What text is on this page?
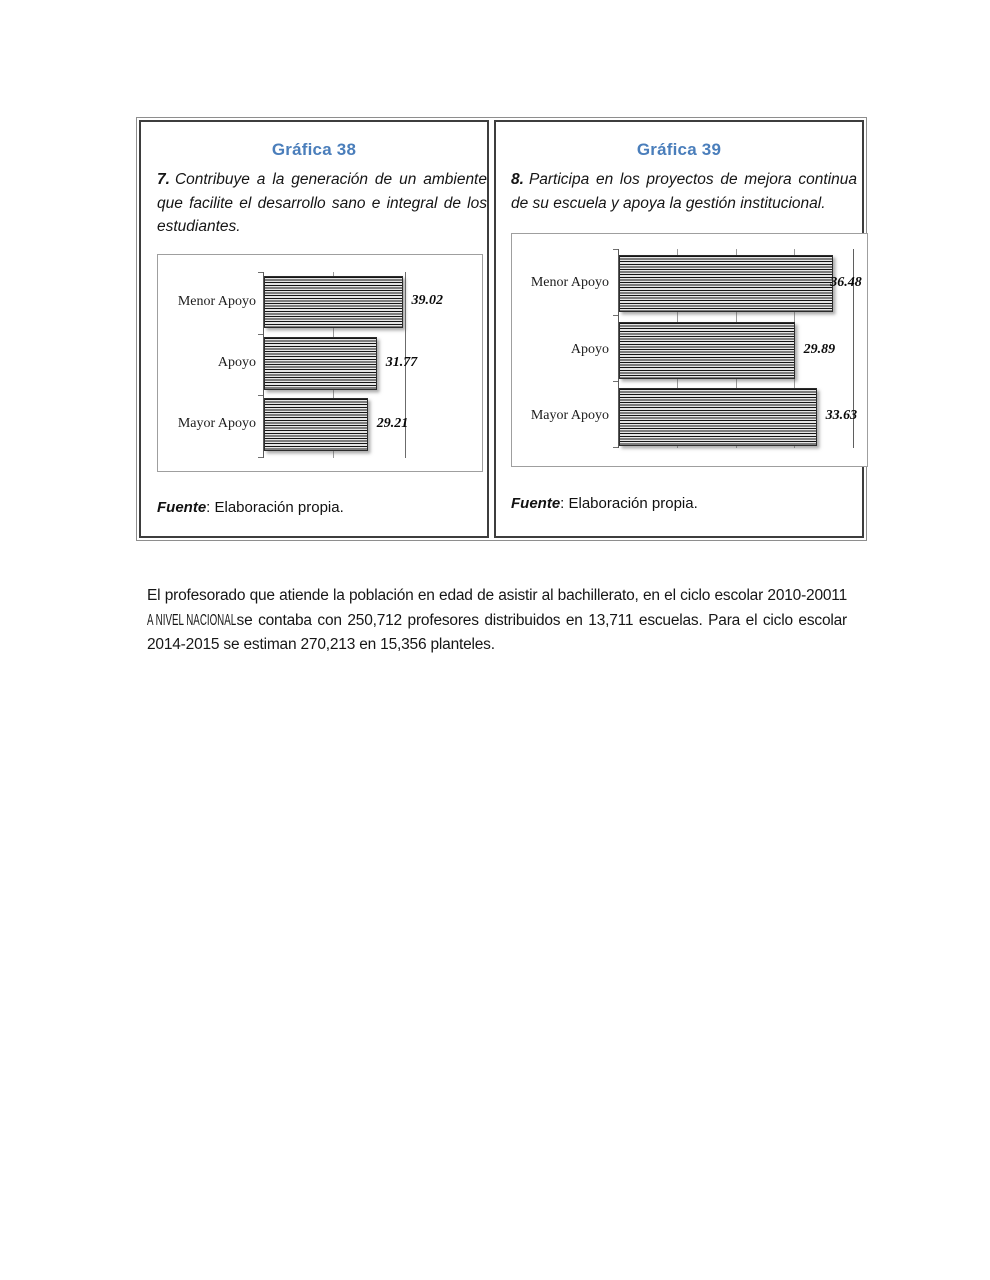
Gráfica 38
7. Contribuye a la generación de un ambiente que facilite el desarrollo sano e integral de los estudiantes.
Menor Apoyo
Apoyo
Mayor Apoyo
39.02
31.77
29.21
Fuente: Elaboración propia.
Gráfica 39
8. Participa en los proyectos de mejora continua de su escuela y apoya la gestión institucional.
Menor Apoyo
Apoyo
Mayor Apoyo
36.48
29.89
33.63
Fuente: Elaboración propia.
El profesorado que atiende la población en edad de asistir al bachillerato, en el ciclo escolar 2010-20011 A NIVEL NACIONAL se contaba con 250,712 profesores distribuidos en 13,711 escuelas. Para el ciclo escolar 2014-2015 se estiman 270,213 en 15,356 planteles.
